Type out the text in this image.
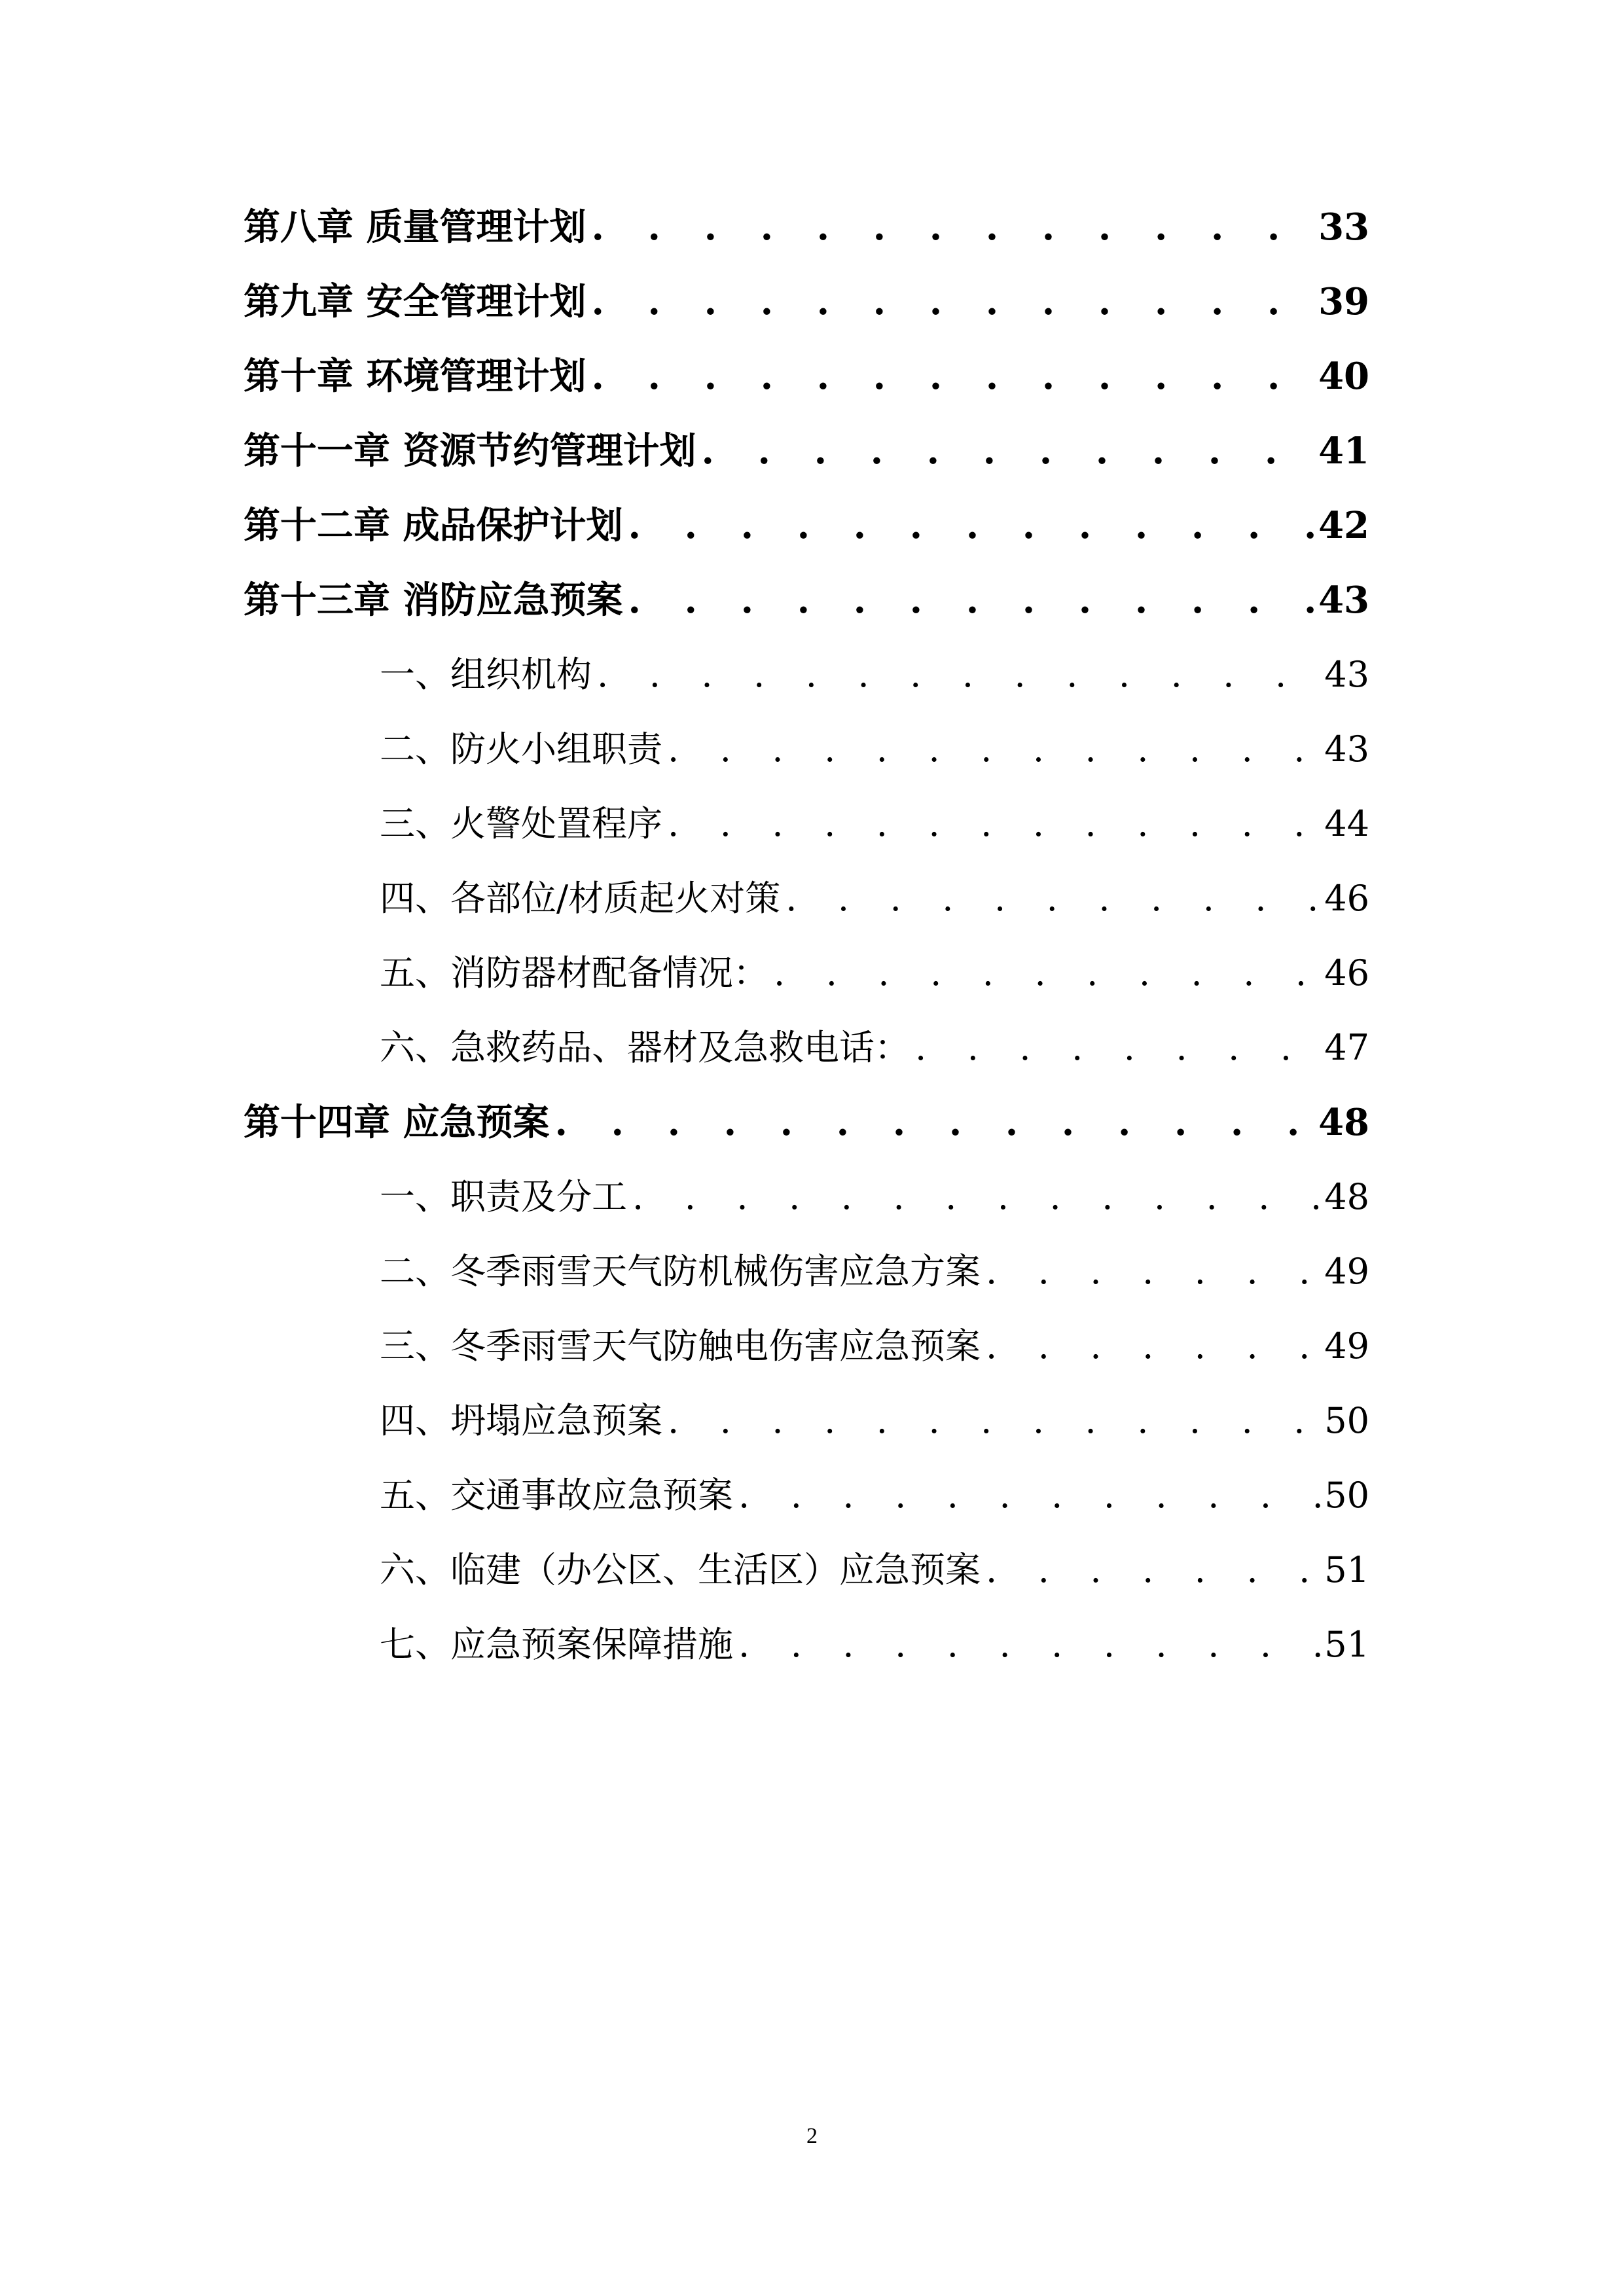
第八章 质量管理计划 . . .	33
第九章 安全管理计划 . . .	39
第十章 环境管理计划 . . .	40
第十一章 资源节约管理计划 . . .	41
第十二章 成品保护计划 . . .	42
第十三章 消防应急预案 . . .	43
一、组织机构 . . .	43
二、防火小组职责 . . .	43
三、火警处置程序 . . .	44
四、各部位/材质起火对策 . . .	46
五、消防器材配备情况： . . .	46
六、急救药品、器材及急救电话： . . .	47
第十四章 应急预案 . . .	48
一、职责及分工 . . .	48
二、冬季雨雪天气防机械伤害应急方案 . . .	49
三、冬季雨雪天气防触电伤害应急预案 . . .	49
四、坍塌应急预案 . . .	50
五、交通事故应急预案 . . .	50
六、临建（办公区、生活区）应急预案 . . .	51
七、应急预案保障措施 . . .	51
2
